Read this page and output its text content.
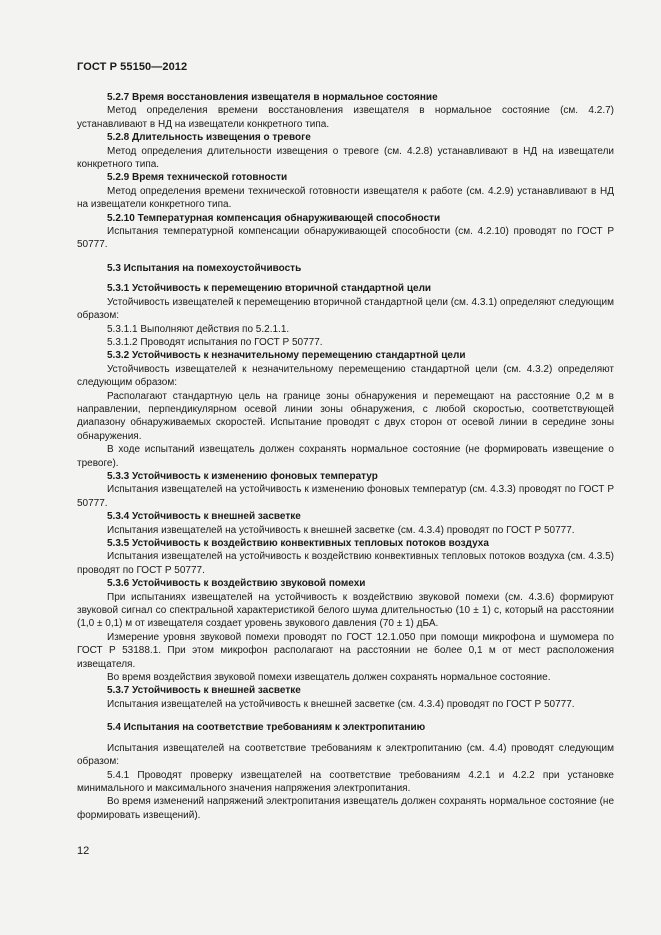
ГОСТ Р 55150—2012

5.2.7 Время восстановления извещателя в нормальное состояние

Метод определения времени восстановления извещателя в нормальное состояние (см. 4.2.7) устанавливают в НД на извещатели конкретного типа.

5.2.8 Длительность извещения о тревоге

Метод определения длительности извещения о тревоге (см. 4.2.8) устанавливают в НД на извещатели конкретного типа.

5.2.9 Время технической готовности

Метод определения времени технической готовности извещателя к работе (см. 4.2.9) устанавливают в НД на извещатели конкретного типа.

5.2.10 Температурная компенсация обнаруживающей способности

Испытания температурной компенсации обнаруживающей способности (см. 4.2.10) проводят по ГОСТ Р 50777.

5.3 Испытания на помехоустойчивость

5.3.1 Устойчивость к перемещению вторичной стандартной цели

Устойчивость извещателей к перемещению вторичной стандартной цели (см. 4.3.1) определяют следующим образом:

5.3.1.1 Выполняют действия по 5.2.1.1.

5.3.1.2 Проводят испытания по ГОСТ Р 50777.

5.3.2 Устойчивость к незначительному перемещению стандартной цели

Устойчивость извещателей к незначительному перемещению стандартной цели (см. 4.3.2) определяют следующим образом:

Располагают стандартную цель на границе зоны обнаружения и перемещают на расстояние 0,2 м в направлении, перпендикулярном осевой линии зоны обнаружения, с любой скоростью, соответствующей диапазону обнаруживаемых скоростей. Испытание проводят с двух сторон от осевой линии в середине зоны обнаружения.

В ходе испытаний извещатель должен сохранять нормальное состояние (не формировать извещение о тревоге).

5.3.3 Устойчивость к изменению фоновых температур

Испытания извещателей на устойчивость к изменению фоновых температур (см. 4.3.3) проводят по ГОСТ Р 50777.

5.3.4 Устойчивость к внешней засветке

Испытания извещателей на устойчивость к внешней засветке (см. 4.3.4) проводят по ГОСТ Р 50777.

5.3.5 Устойчивость к воздействию конвективных тепловых потоков воздуха

Испытания извещателей на устойчивость к воздействию конвективных тепловых потоков воздуха (см. 4.3.5) проводят по ГОСТ Р 50777.

5.3.6 Устойчивость к воздействию звуковой помехи

При испытаниях извещателей на устойчивость к воздействию звуковой помехи (см. 4.3.6) формируют звуковой сигнал со спектральной характеристикой белого шума длительностью (10 ± 1) с, который на расстоянии (1,0 ± 0,1) м от извещателя создает уровень звукового давления (70 ± 1) дБА.

Измерение уровня звуковой помехи проводят по ГОСТ 12.1.050 при помощи микрофона и шумомера по ГОСТ Р 53188.1. При этом микрофон располагают на расстоянии не более 0,1 м от мест расположения извещателя.

Во время воздействия звуковой помехи извещатель должен сохранять нормальное состояние.

5.3.7 Устойчивость к внешней засветке

Испытания извещателей на устойчивость к внешней засветке (см. 4.3.4) проводят по ГОСТ Р 50777.

5.4 Испытания на соответствие требованиям к электропитанию

Испытания извещателей на соответствие требованиям к электропитанию (см. 4.4) проводят следующим образом:

5.4.1 Проводят проверку извещателей на соответствие требованиям 4.2.1 и 4.2.2 при установке минимального и максимального значения напряжения электропитания.

Во время изменений напряжений электропитания извещатель должен сохранять нормальное состояние (не формировать извещений).

12
